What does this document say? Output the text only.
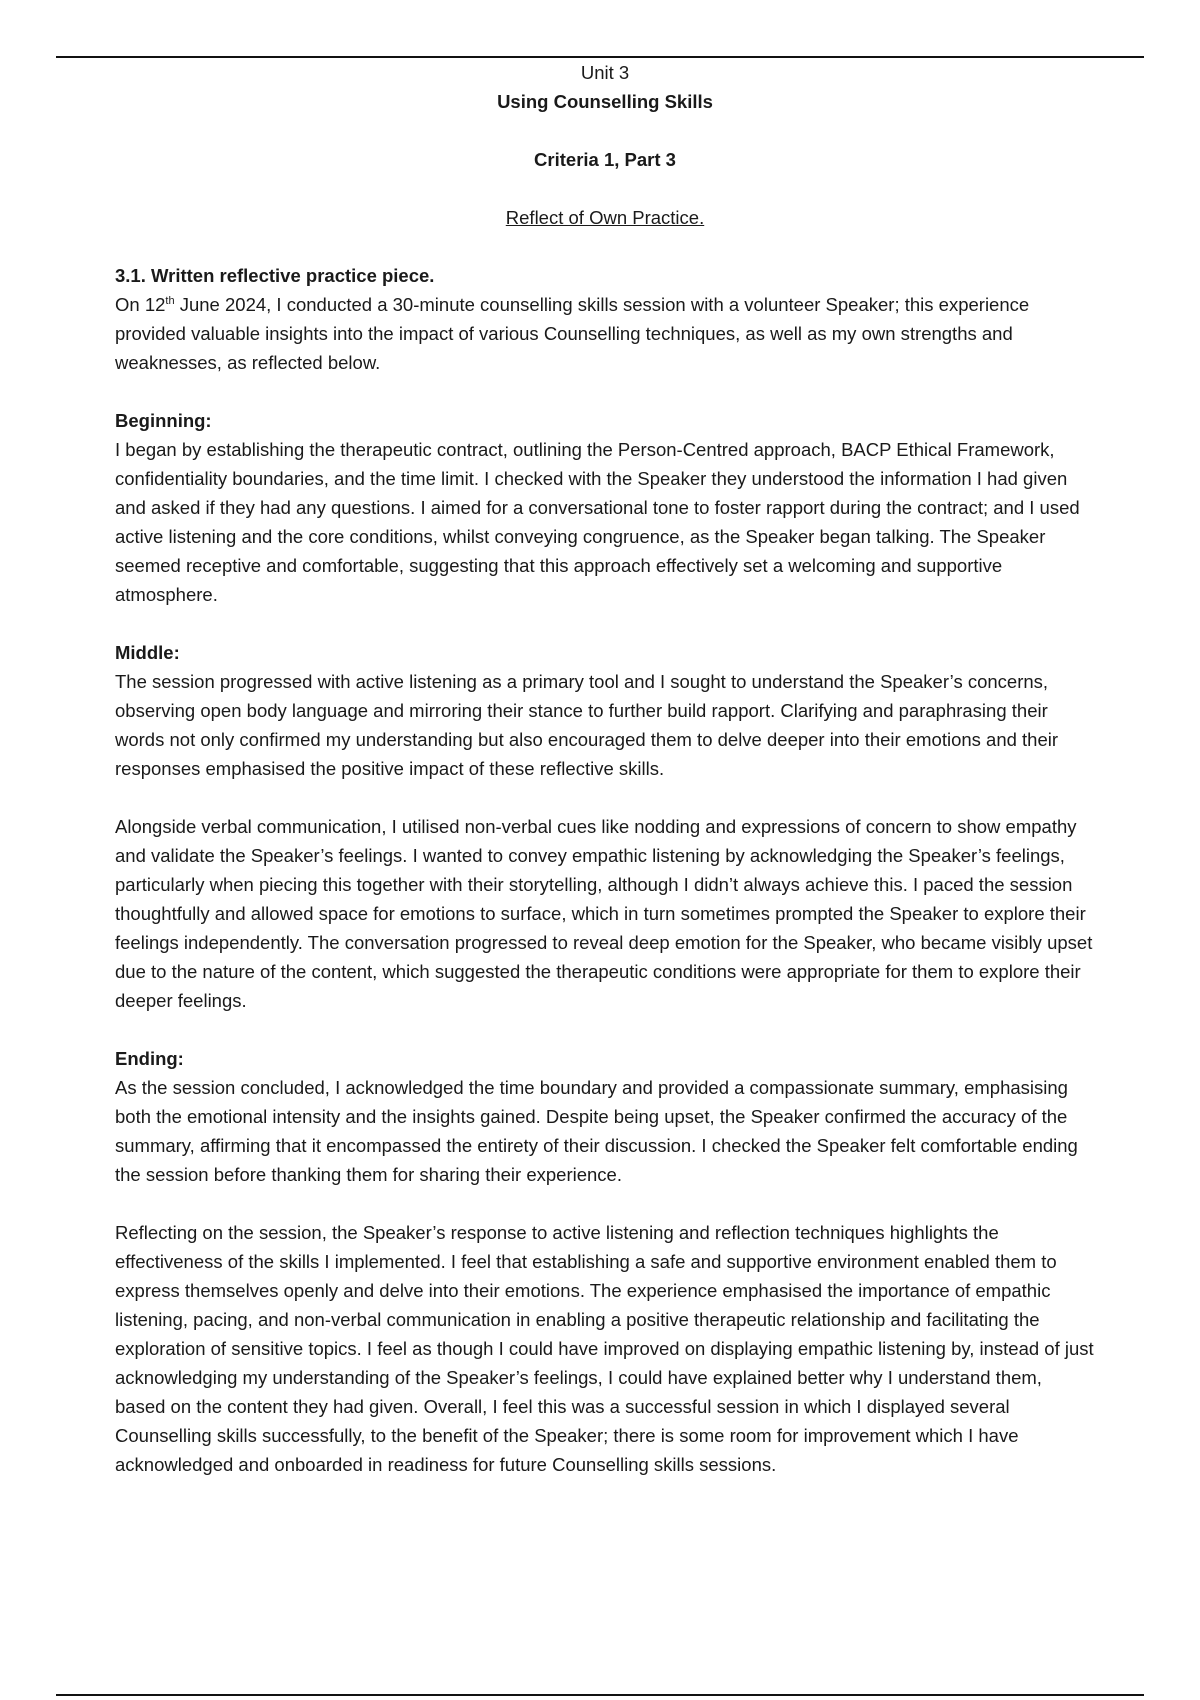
Unit 3
Using Counselling Skills
Criteria 1, Part 3
Reflect of Own Practice.

3.1. Written reflective practice piece.

On 12th June 2024, I conducted a 30-minute counselling skills session with a volunteer Speaker; this experience provided valuable insights into the impact of various Counselling techniques, as well as my own strengths and weaknesses, as reflected below.

Beginning:

I began by establishing the therapeutic contract, outlining the Person-Centred approach, BACP Ethical Framework, confidentiality boundaries, and the time limit. I checked with the Speaker they understood the information I had given and asked if they had any questions. I aimed for a conversational tone to foster rapport during the contract; and I used active listening and the core conditions, whilst conveying congruence, as the Speaker began talking. The Speaker seemed receptive and comfortable, suggesting that this approach effectively set a welcoming and supportive atmosphere.

Middle:

The session progressed with active listening as a primary tool and I sought to understand the Speaker’s concerns, observing open body language and mirroring their stance to further build rapport. Clarifying and paraphrasing their words not only confirmed my understanding but also encouraged them to delve deeper into their emotions and their responses emphasised the positive impact of these reflective skills.

Alongside verbal communication, I utilised non-verbal cues like nodding and expressions of concern to show empathy and validate the Speaker’s feelings. I wanted to convey empathic listening by acknowledging the Speaker’s feelings, particularly when piecing this together with their storytelling, although I didn’t always achieve this. I paced the session thoughtfully and allowed space for emotions to surface, which in turn sometimes prompted the Speaker to explore their feelings independently. The conversation progressed to reveal deep emotion for the Speaker, who became visibly upset due to the nature of the content, which suggested the therapeutic conditions were appropriate for them to explore their deeper feelings.

Ending:

As the session concluded, I acknowledged the time boundary and provided a compassionate summary, emphasising both the emotional intensity and the insights gained. Despite being upset, the Speaker confirmed the accuracy of the summary, affirming that it encompassed the entirety of their discussion. I checked the Speaker felt comfortable ending the session before thanking them for sharing their experience.

Reflecting on the session, the Speaker’s response to active listening and reflection techniques highlights the effectiveness of the skills I implemented. I feel that establishing a safe and supportive environment enabled them to express themselves openly and delve into their emotions. The experience emphasised the importance of empathic listening, pacing, and non-verbal communication in enabling a positive therapeutic relationship and facilitating the exploration of sensitive topics. I feel as though I could have improved on displaying empathic listening by, instead of just acknowledging my understanding of the Speaker’s feelings, I could have explained better why I understand them, based on the content they had given. Overall, I feel this was a successful session in which I displayed several Counselling skills successfully, to the benefit of the Speaker; there is some room for improvement which I have acknowledged and onboarded in readiness for future Counselling skills sessions.
